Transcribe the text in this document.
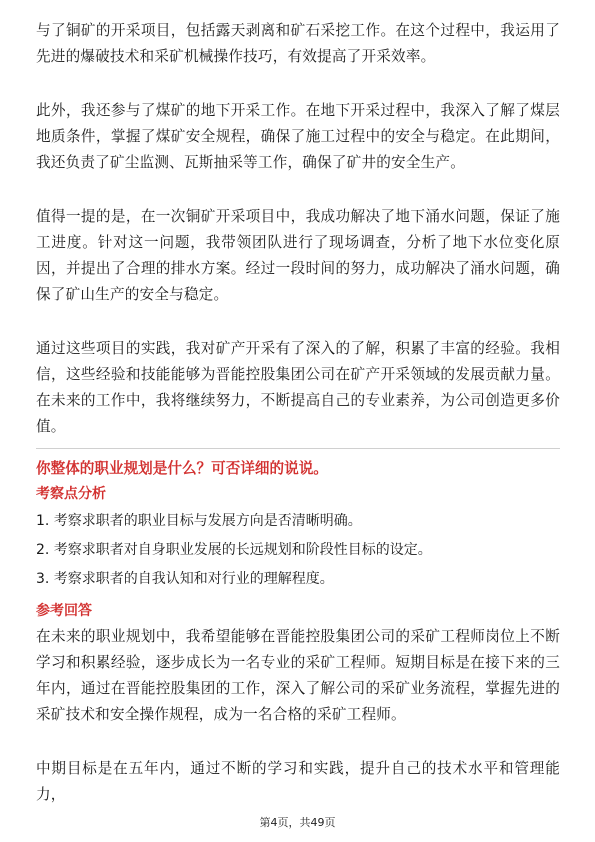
与了铜矿的开采项目，包括露天剥离和矿石采挖工作。在这个过程中，我运用了先进的爆破技术和采矿机械操作技巧，有效提高了开采效率。

此外，我还参与了煤矿的地下开采工作。在地下开采过程中，我深入了解了煤层地质条件，掌握了煤矿安全规程，确保了施工过程中的安全与稳定。在此期间，我还负责了矿尘监测、瓦斯抽采等工作，确保了矿井的安全生产。

值得一提的是，在一次铜矿开采项目中，我成功解决了地下涌水问题，保证了施工进度。针对这一问题，我带领团队进行了现场调查，分析了地下水位变化原因，并提出了合理的排水方案。经过一段时间的努力，成功解决了涌水问题，确保了矿山生产的安全与稳定。

通过这些项目的实践，我对矿产开采有了深入的了解，积累了丰富的经验。我相信，这些经验和技能能够为晋能控股集团公司在矿产开采领域的发展贡献力量。在未来的工作中，我将继续努力，不断提高自己的专业素养，为公司创造更多价值。

你整体的职业规划是什么？可否详细的说说。

考察点分析

1. 考察求职者的职业目标与发展方向是否清晰明确。

2. 考察求职者对自身职业发展的长远规划和阶段性目标的设定。

3. 考察求职者的自我认知和对行业的理解程度。

参考回答

在未来的职业规划中，我希望能够在晋能控股集团公司的采矿工程师岗位上不断学习和积累经验，逐步成长为一名专业的采矿工程师。短期目标是在接下来的三年内，通过在晋能控股集团的工作，深入了解公司的采矿业务流程，掌握先进的采矿技术和安全操作规程，成为一名合格的采矿工程师。

中期目标是在五年内，通过不断的学习和实践，提升自己的技术水平和管理能力，

第4页，共49页
